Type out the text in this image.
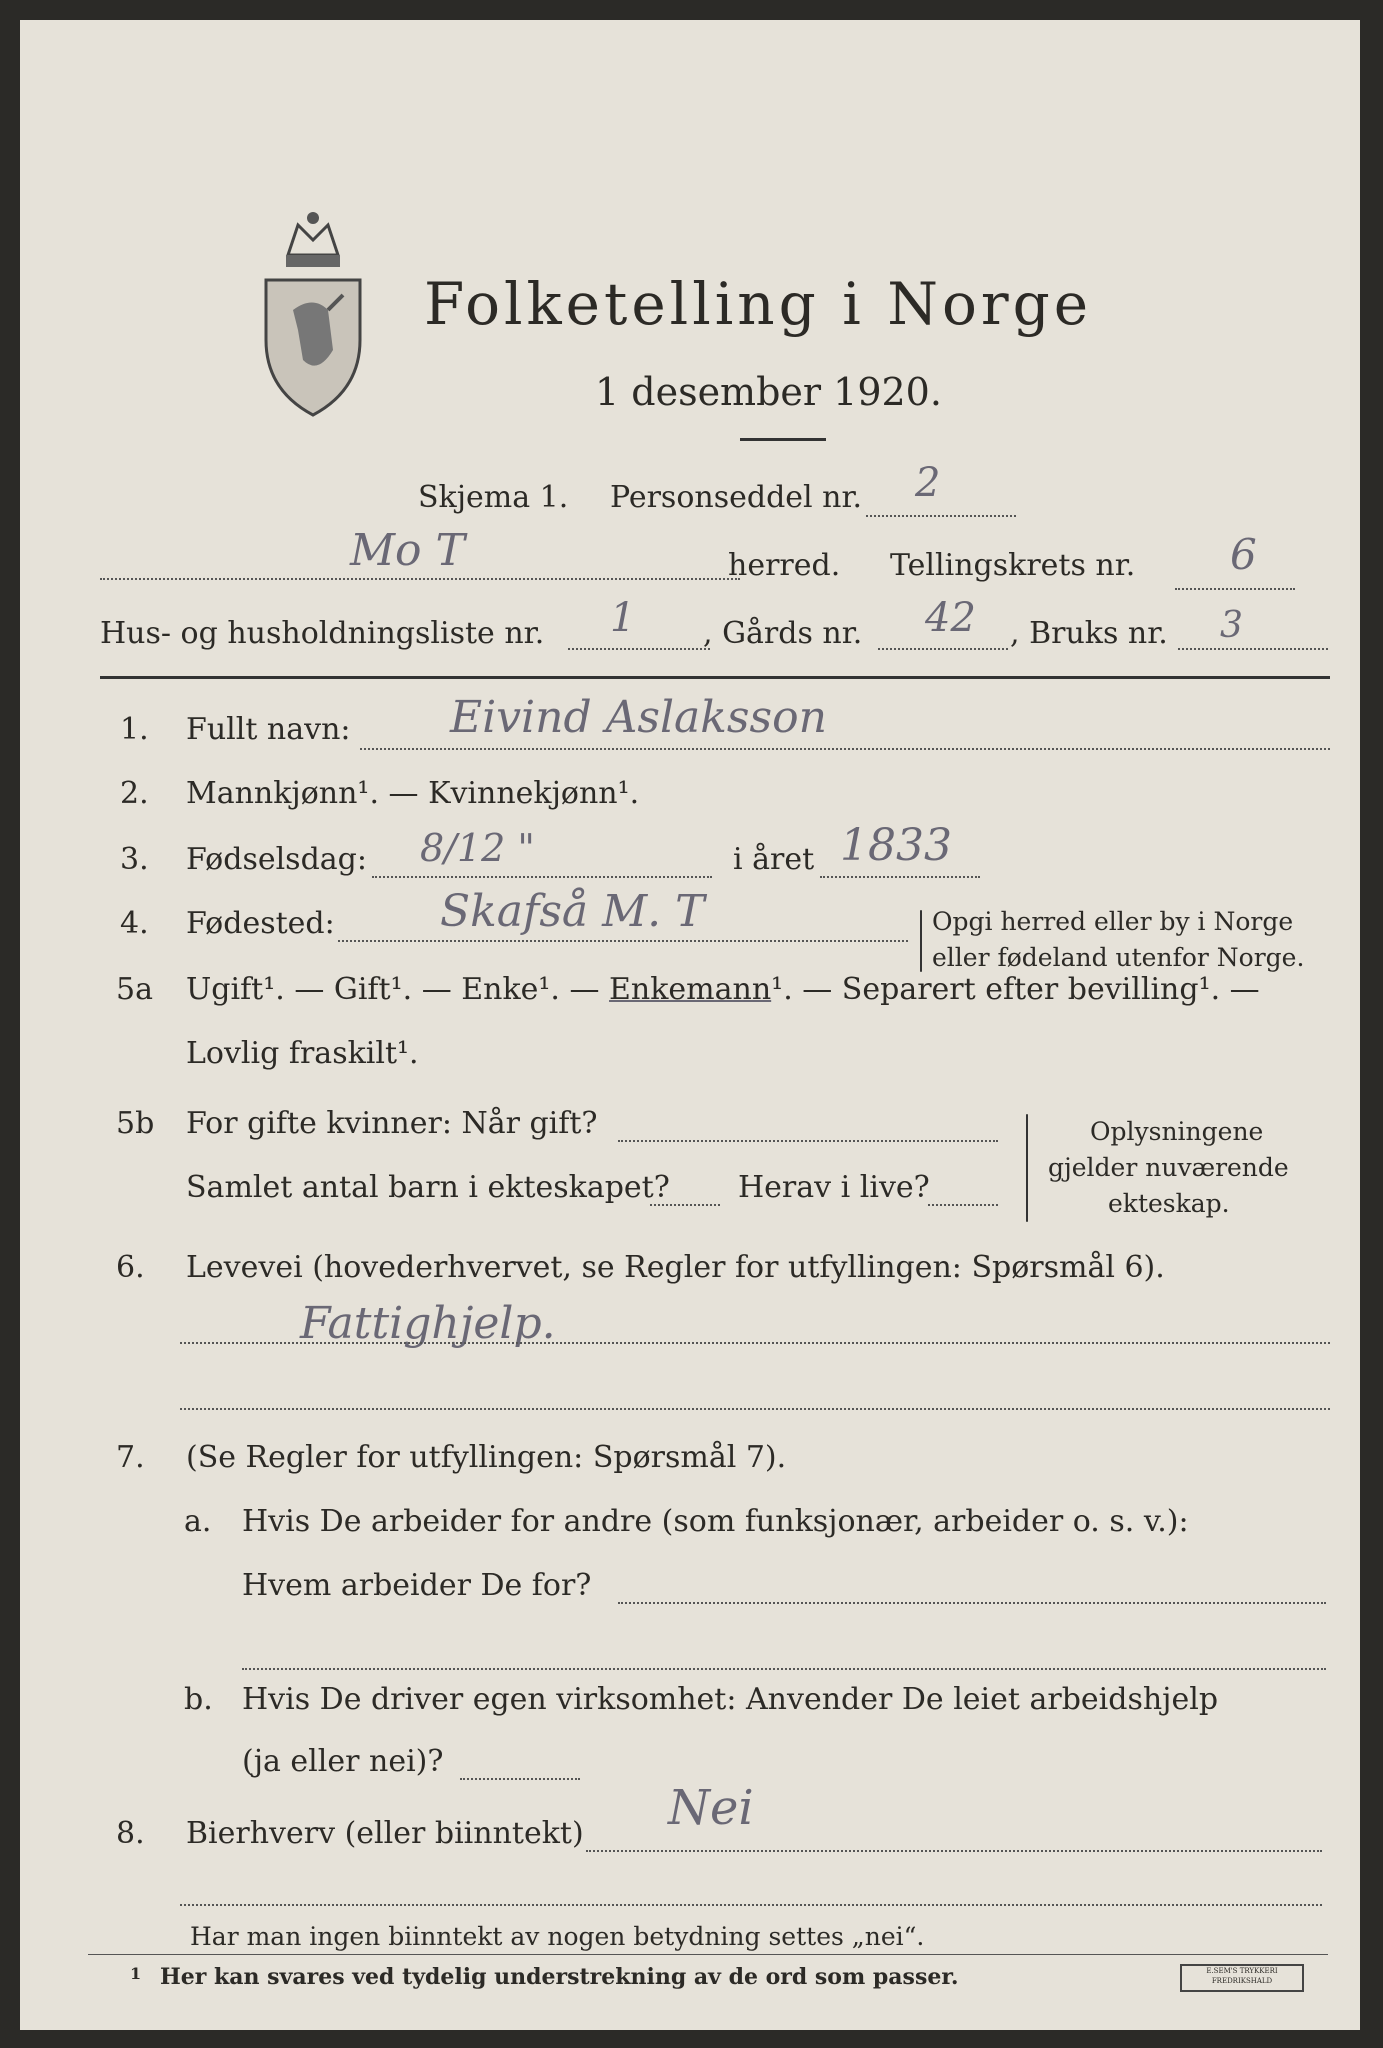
Folketelling i Norge
1 desember 1920.
Skjema 1. Personseddel nr. 2
Mo T	herred. Tellingskrets nr. 6
Hus- og husholdningsliste nr. 1 , Gårds nr. 42 , Bruks nr. 3
1. Fullt navn: Eivind Aslaksson
2. Mannkjønn¹. — Kvinnekjønn¹.
3. Fødselsdag: 8/12 "	i året 1833
4. Fødested: Skafså M. T	Opgi herred eller by i Norge
eller fødeland utenfor Norge.
5a Ugift¹. — Gift¹. — Enke¹. — Enkemann¹. — Separert efter bevilling¹. —
Lovlig fraskilt¹.
5b For gifte kvinner: Når gift?
Samlet antal barn i ekteskapet? Herav i live?
Oplysningene
gjelder nuværende
ekteskap.
6. Levevei (hovederhvervet, se Regler for utfyllingen: Spørsmål 6).
Fattighjelp.
7. (Se Regler for utfyllingen: Spørsmål 7).
a. Hvis De arbeider for andre (som funksjonær, arbeider o. s. v.):
Hvem arbeider De for?
b. Hvis De driver egen virksomhet: Anvender De leiet arbeidshjelp
(ja eller nei)?
8. Bierhverv (eller biinntekt) Nei
Har man ingen biinntekt av nogen betydning settes „nei“.
1 Her kan svares ved tydelig understrekning av de ord som passer.	E.SEM'S TRYKKERI FREDRIKSHALD
